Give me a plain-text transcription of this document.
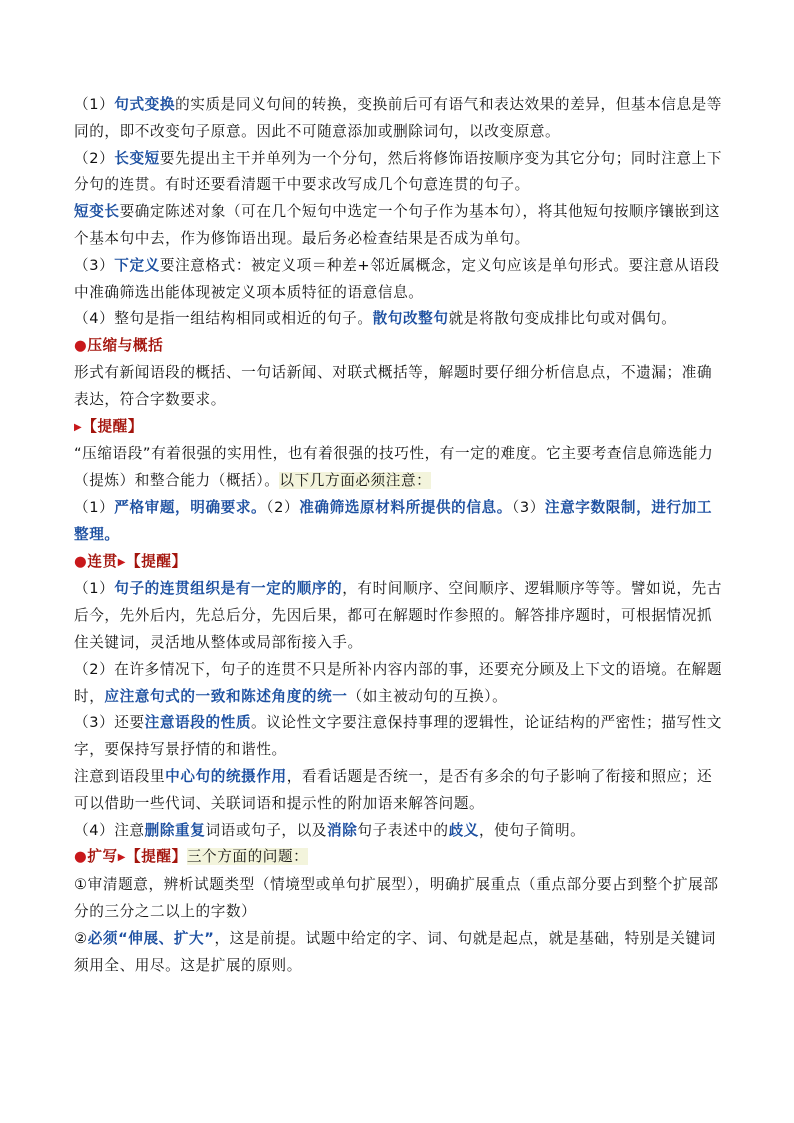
（1）句式变换的实质是同义句间的转换，变换前后可有语气和表达效果的差异，但基本信息是等同的，即不改变句子原意。因此不可随意添加或删除词句，以改变原意。

（2）长变短要先提出主干并单列为一个分句，然后将修饰语按顺序变为其它分句；同时注意上下分句的连贯。有时还要看清题干中要求改写成几个句意连贯的句子。

短变长要确定陈述对象（可在几个短句中选定一个句子作为基本句），将其他短句按顺序镶嵌到这个基本句中去，作为修饰语出现。最后务必检查结果是否成为单句。

（3）下定义要注意格式：被定义项＝种差+邻近属概念，定义句应该是单句形式。要注意从语段中准确筛选出能体现被定义项本质特征的语意信息。

（4）整句是指一组结构相同或相近的句子。散句改整句就是将散句变成排比句或对偶句。

●压缩与概括

形式有新闻语段的概括、一句话新闻、对联式概括等，解题时要仔细分析信息点，不遗漏；准确表达，符合字数要求。

▶【提醒】

“压缩语段”有着很强的实用性，也有着很强的技巧性，有一定的难度。它主要考查信息筛选能力（提炼）和整合能力（概括）。以下几方面必须注意：

（1）严格审题，明确要求。（2）准确筛选原材料所提供的信息。（3）注意字数限制，进行加工整理。

●连贯▶【提醒】

（1）句子的连贯组织是有一定的顺序的，有时间顺序、空间顺序、逻辑顺序等等。譬如说，先古后今，先外后内，先总后分，先因后果，都可在解题时作参照的。解答排序题时，可根据情况抓住关键词，灵活地从整体或局部衔接入手。

（2）在许多情况下，句子的连贯不只是所补内容内部的事，还要充分顾及上下文的语境。在解题时，应注意句式的一致和陈述角度的统一（如主被动句的互换）。

（3）还要注意语段的性质。议论性文字要注意保持事理的逻辑性，论证结构的严密性；描写性文字，要保持写景抒情的和谐性。

注意到语段里中心句的统摄作用，看看话题是否统一，是否有多余的句子影响了衔接和照应；还可以借助一些代词、关联词语和提示性的附加语来解答问题。

（4）注意删除重复词语或句子，以及消除句子表述中的歧义，使句子简明。

●扩写▶【提醒】三个方面的问题：

①审清题意，辨析试题类型（情境型或单句扩展型），明确扩展重点（重点部分要占到整个扩展部分的三分之二以上的字数）

②必须“伸展、扩大”，这是前提。试题中给定的字、词、句就是起点，就是基础，特别是关键词须用全、用尽。这是扩展的原则。
